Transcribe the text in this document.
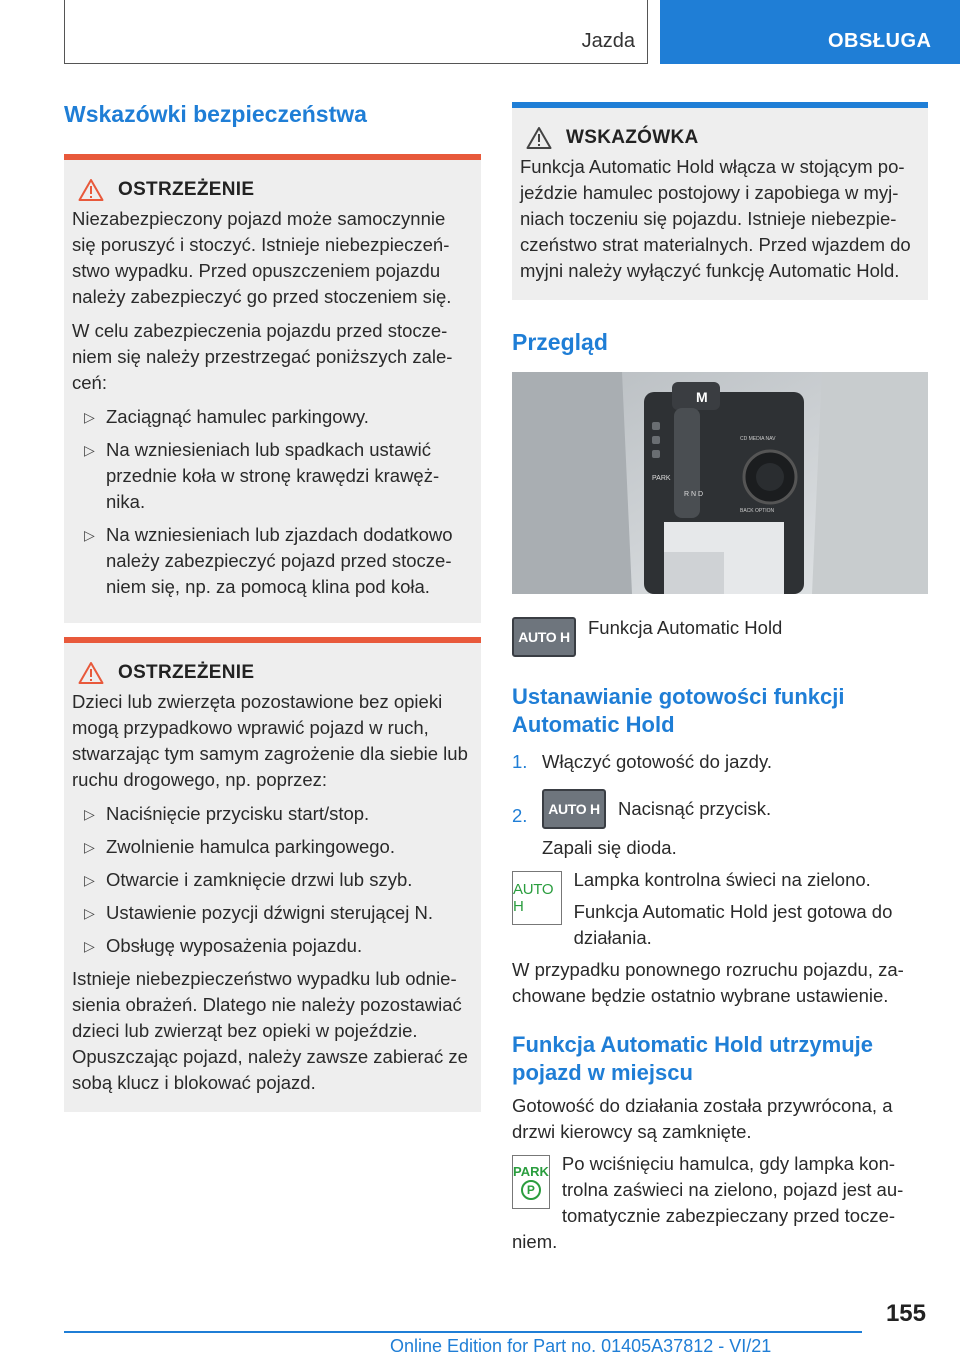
Jazda	OBSŁUGA
Wskazówki bezpieczeństwa
OSTRZEŻENIE

Niezabezpieczony pojazd może samoczynnie się poruszyć i stoczyć. Istnieje niebezpieczeń-stwo wypadku. Przed opuszczeniem pojazdu należy zabezpieczyć go przed stoczeniem się.

W celu zabezpieczenia pojazdu przed stocze-niem się należy przestrzegać poniższych zale-ceń:

▷ Zaciągnąć hamulec parkingowy.
▷ Na wzniesieniach lub spadkach ustawić przednie koła w stronę krawędzi krawęż-nika.
▷ Na wzniesieniach lub zjazdach dodatkowo należy zabezpieczyć pojazd przed stocze-niem się, np. za pomocą klina pod koła.
OSTRZEŻENIE

Dzieci lub zwierzęta pozostawione bez opieki mogą przypadkowo wprawić pojazd w ruch, stwarzając tym samym zagrożenie dla siebie lub ruchu drogowego, np. poprzez:

▷ Naciśnięcie przycisku start/stop.
▷ Zwolnienie hamulca parkingowego.
▷ Otwarcie i zamknięcie drzwi lub szyb.
▷ Ustawienie pozycji dźwigni sterującej N.
▷ Obsługę wyposażenia pojazdu.

Istnieje niebezpieczeństwo wypadku lub odnie-sienia obrażeń. Dlatego nie należy pozostawiać dzieci lub zwierząt bez opieki w pojeździe. Opuszczając pojazd, należy zawsze zabierać ze sobą klucz i blokować pojazd.

WSKAZÓWKA

Funkcja Automatic Hold włącza w stojącym po-jeździe hamulec postojowy i zapobiega w myj-niach toczeniu się pojazdu. Istnieje niebezpie-czeństwo strat materialnych. Przed wjazdem do myjni należy wyłączyć funkcję Automatic Hold.

Przegląd
M
PARK
R N D
CD MEDIA NAV
BACK OPTION
AUTO H Funkcja Automatic Hold

Ustanawianie gotowości funkcji Automatic Hold
1. Włączyć gotowość do jazdy.
2.	AUTO H Nacisnąć przycisk.

Zapali się dioda.

AUTO H

Lampka kontrolna świeci na zielono.

Funkcja Automatic Hold jest gotowa do działania.

W przypadku ponownego rozruchu pojazdu, za-chowane będzie ostatnio wybrane ustawienie.

Funkcja Automatic Hold utrzymuje pojazd w miejscu

Gotowość do działania została przywrócona, a drzwi kierowcy są zamknięte.

PARK
P

Po wciśnięciu hamulca, gdy lampka kon-trolna zaświeci na zielono, pojazd jest au-tomatycznie zabezpieczany przed tocze-

niem.

155
Online Edition for Part no. 01405A37812 - VI/21
